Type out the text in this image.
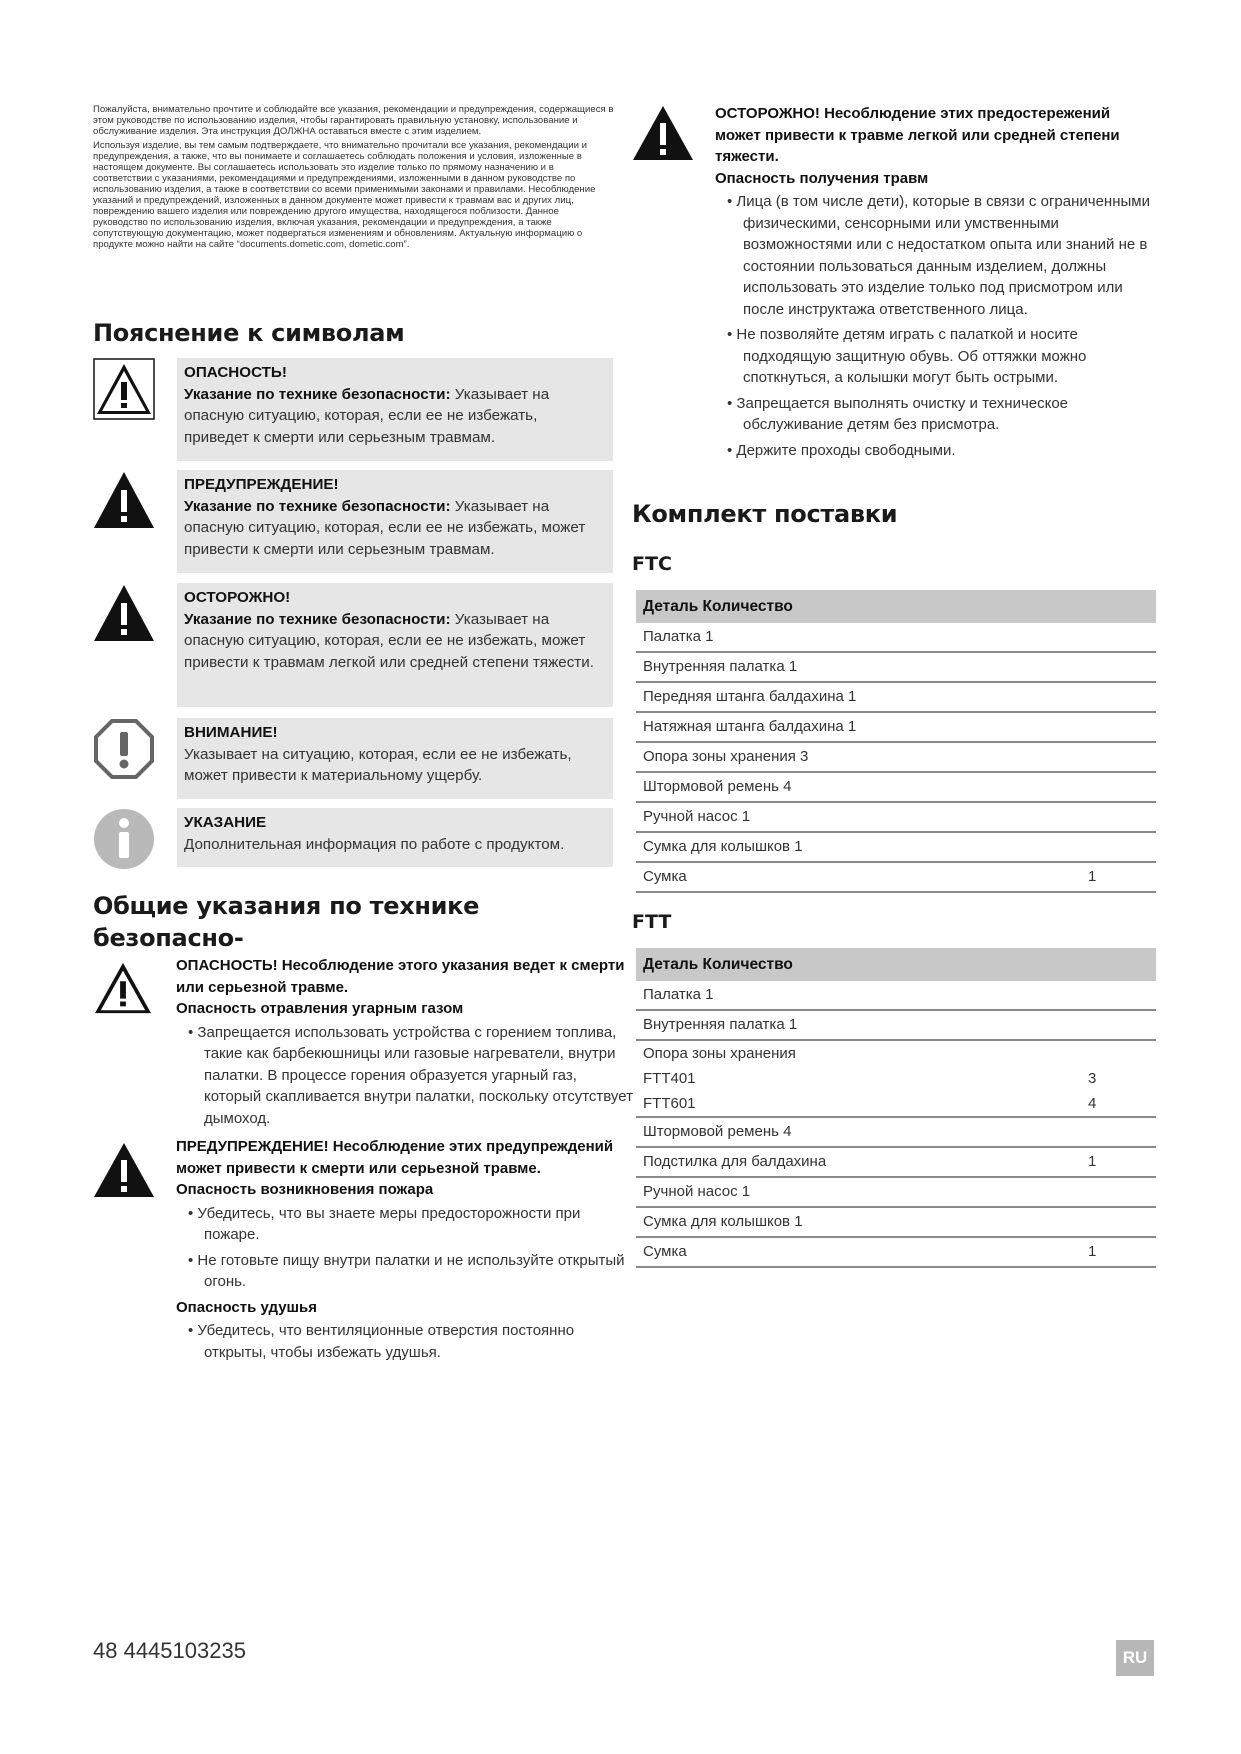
Пожалуйста, внимательно прочтите и соблюдайте все указания, рекомендации и предупреждения, содержащиеся в этом руководстве по использованию изделия, чтобы гарантировать правильную установку, использование и обслуживание изделия. Эта инструкция ДОЛЖНА оставаться вместе с этим изделием.

Используя изделие, вы тем самым подтверждаете, что внимательно прочитали все указания, рекомендации и предупреждения, а также, что вы понимаете и соглашаетесь соблюдать положения и условия, изложенные в настоящем документе. Вы соглашаетесь использовать это изделие только по прямому назначению и в соответствии с указаниями, рекомендациями и предупреждениями, изложенными в данном руководстве по использованию изделия, а также в соответствии со всеми применимыми законами и правилами. Несоблюдение указаний и предупреждений, изложенных в данном документе может привести к травмам вас и других лиц, повреждению вашего изделия или повреждению другого имущества, находящегося поблизости. Данное руководство по использованию изделия, включая указания, рекомендации и предупреждения, а также сопутствующую документацию, может подвергаться изменениям и обновлениям. Актуальную информацию о продукте можно найти на сайте “documents.dometic.com, dometic.com”.

Пояснение к символам
ОПАСНОСТЬ!
Указание по технике безопасности: Указывает на опасную ситуацию, которая, если ее не избежать, приведет к смерти или серьезным травмам.
ПРЕДУПРЕЖДЕНИЕ!
Указание по технике безопасности: Указывает на опасную ситуацию, которая, если ее не избежать, может привести к смерти или серьезным травмам.
ОСТОРОЖНО!
Указание по технике безопасности: Указывает на опасную ситуацию, которая, если ее не избежать, может привести к травмам легкой или средней степени тяжести.
ВНИМАНИЕ!
Указывает на ситуацию, которая, если ее не избежать, может привести к материальному ущербу.
УКАЗАНИЕ
Дополнительная информация по работе с продуктом.
Общие указания по технике безопасно-
ОПАСНОСТЬ! Несоблюдение этого указания ведет к смерти или серьезной травме.
Опасность отравления угарным газом
• Запрещается использовать устройства с горением топлива, такие как барбекюшницы или газовые нагреватели, внутри палатки. В процессе горения образуется угарный газ, который скапливается внутри палатки, поскольку отсутствует дымоход.
ПРЕДУПРЕЖДЕНИЕ! Несоблюдение этих предупреждений может привести к смерти или серьезной травме.
Опасность возникновения пожара
• Убедитесь, что вы знаете меры предосторожности при пожаре.
• Не готовьте пищу внутри палатки и не используйте открытый огонь.
Опасность удушья
• Убедитесь, что вентиляционные отверстия постоянно открыты, чтобы избежать удушья.
ОСТОРОЖНО! Несоблюдение этих предостережений может привести к травме легкой или средней степени тяжести.
Опасность получения травм
• Лица (в том числе дети), которые в связи с ограниченными физическими, сенсорными или умственными возможностями или с недостатком опыта или знаний не в состоянии пользоваться данным изделием, должны использовать это изделие только под присмотром или после инструктажа ответственного лица.
• Не позволяйте детям играть с палаткой и носите подходящую защитную обувь. Об оттяжки можно споткнуться, а колышки могут быть острыми.
• Запрещается выполнять очистку и техническое обслуживание детям без присмотра.
• Держите проходы свободными.
Комплект поставки
FTC
Деталь Количество
Палатка 1
Внутренняя палатка 1
Передняя штанга балдахина 1
Натяжная штанга балдахина 1
Опора зоны хранения 3
Штормовой ремень 4
Ручной насос 1
Сумка для колышков 1
Сумка	1
FTT
Деталь Количество
Палатка 1
Внутренняя палатка 1
Опора зоны хранения
FTT401	3
FTT601	4
Штормовой ремень 4
Подстилка для балдахина	1
Ручной насос 1
Сумка для колышков 1
Сумка	1
48 4445103235	RU
